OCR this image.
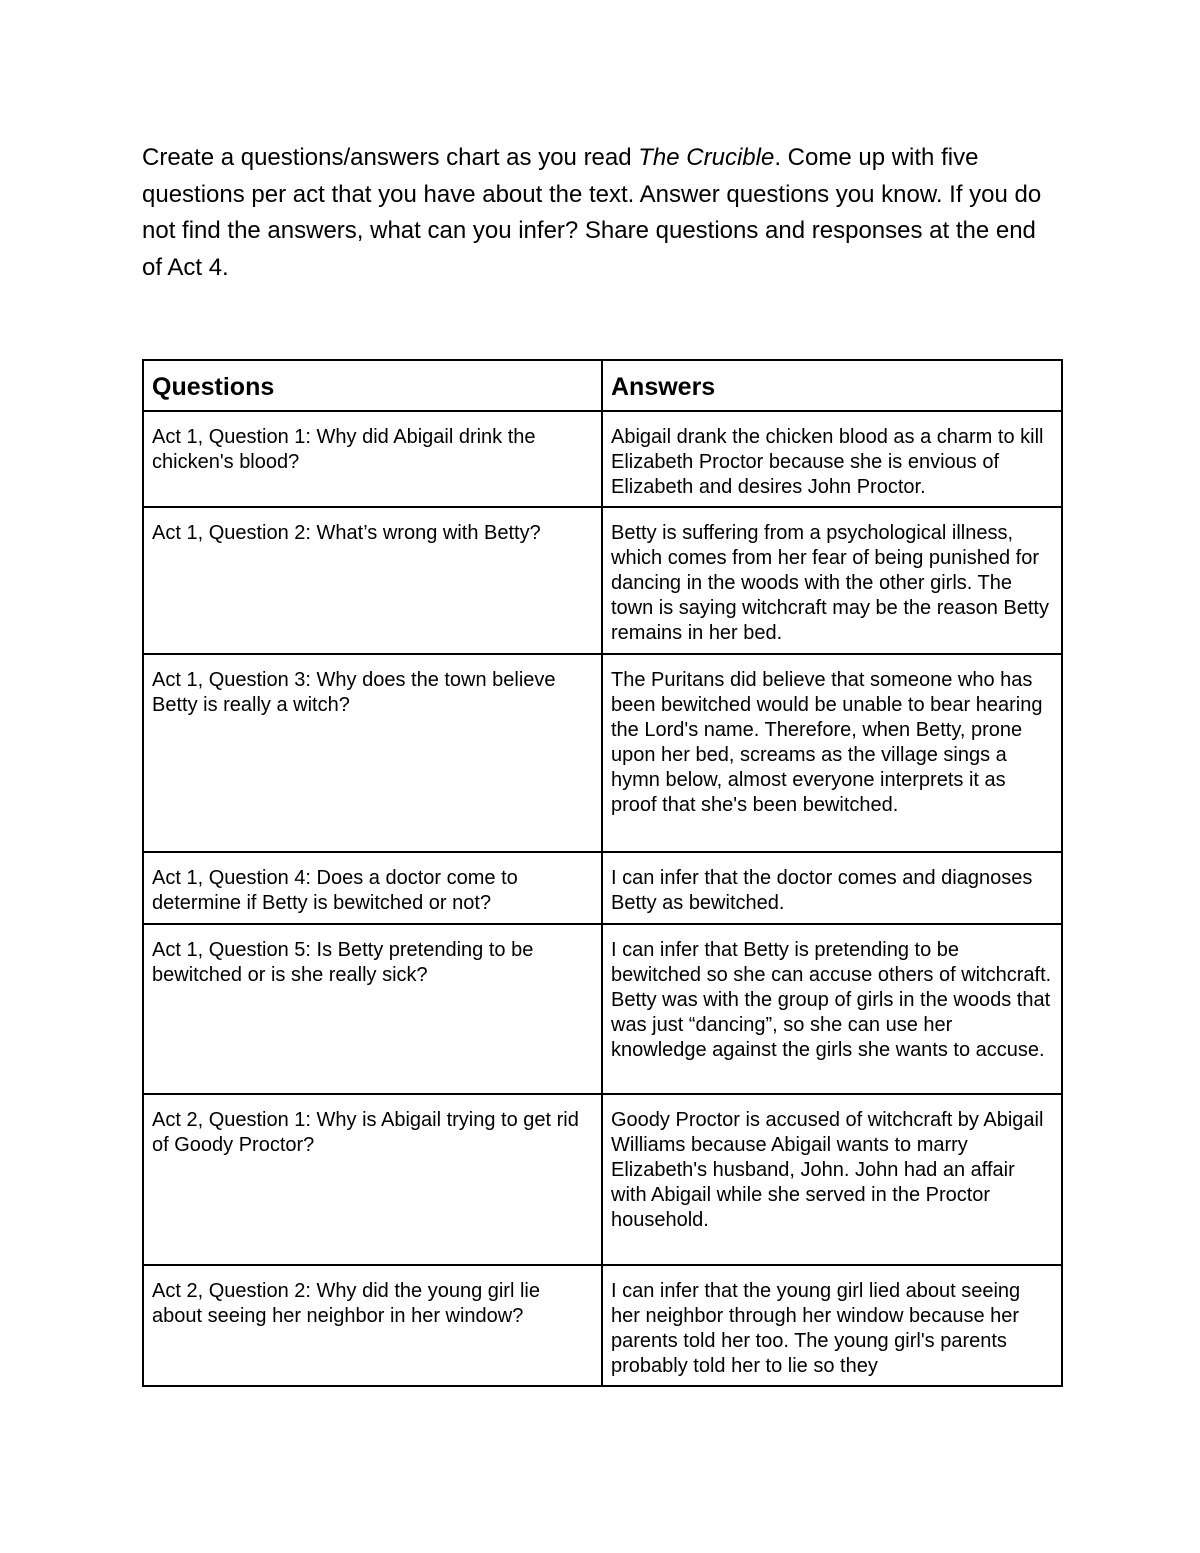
Create a questions/answers chart as you read The Crucible. Come up with five questions per act that you have about the text. Answer questions you know. If you do not find the answers, what can you infer? Share questions and responses at the end of Act 4.

Questions	Answers
Act 1, Question 1: Why did Abigail drink the chicken's blood?	Abigail drank the chicken blood as a charm to kill Elizabeth Proctor because she is envious of Elizabeth and desires John Proctor.
Act 1, Question 2: What’s wrong with Betty?	Betty is suffering from a psychological illness, which comes from her fear of being punished for dancing in the woods with the other girls. The town is saying witchcraft may be the reason Betty remains in her bed.
Act 1, Question 3: Why does the town believe Betty is really a witch?	The Puritans did believe that someone who has been bewitched would be unable to bear hearing the Lord's name. Therefore, when Betty, prone upon her bed, screams as the village sings a hymn below, almost everyone interprets it as proof that she's been bewitched.
Act 1, Question 4: Does a doctor come to determine if Betty is bewitched or not?	I can infer that the doctor comes and diagnoses Betty as bewitched.
Act 1, Question 5: Is Betty pretending to be bewitched or is she really sick?	I can infer that Betty is pretending to be bewitched so she can accuse others of witchcraft. Betty was with the group of girls in the woods that was just “dancing”, so she can use her knowledge against the girls she wants to accuse.
Act 2, Question 1: Why is Abigail trying to get rid of Goody Proctor?	Goody Proctor is accused of witchcraft by Abigail Williams because Abigail wants to marry Elizabeth's husband, John. John had an affair with Abigail while she served in the Proctor household.
Act 2, Question 2: Why did the young girl lie about seeing her neighbor in her window?	I can infer that the young girl lied about seeing her neighbor through her window because her parents told her too. The young girl's parents probably told her to lie so they
